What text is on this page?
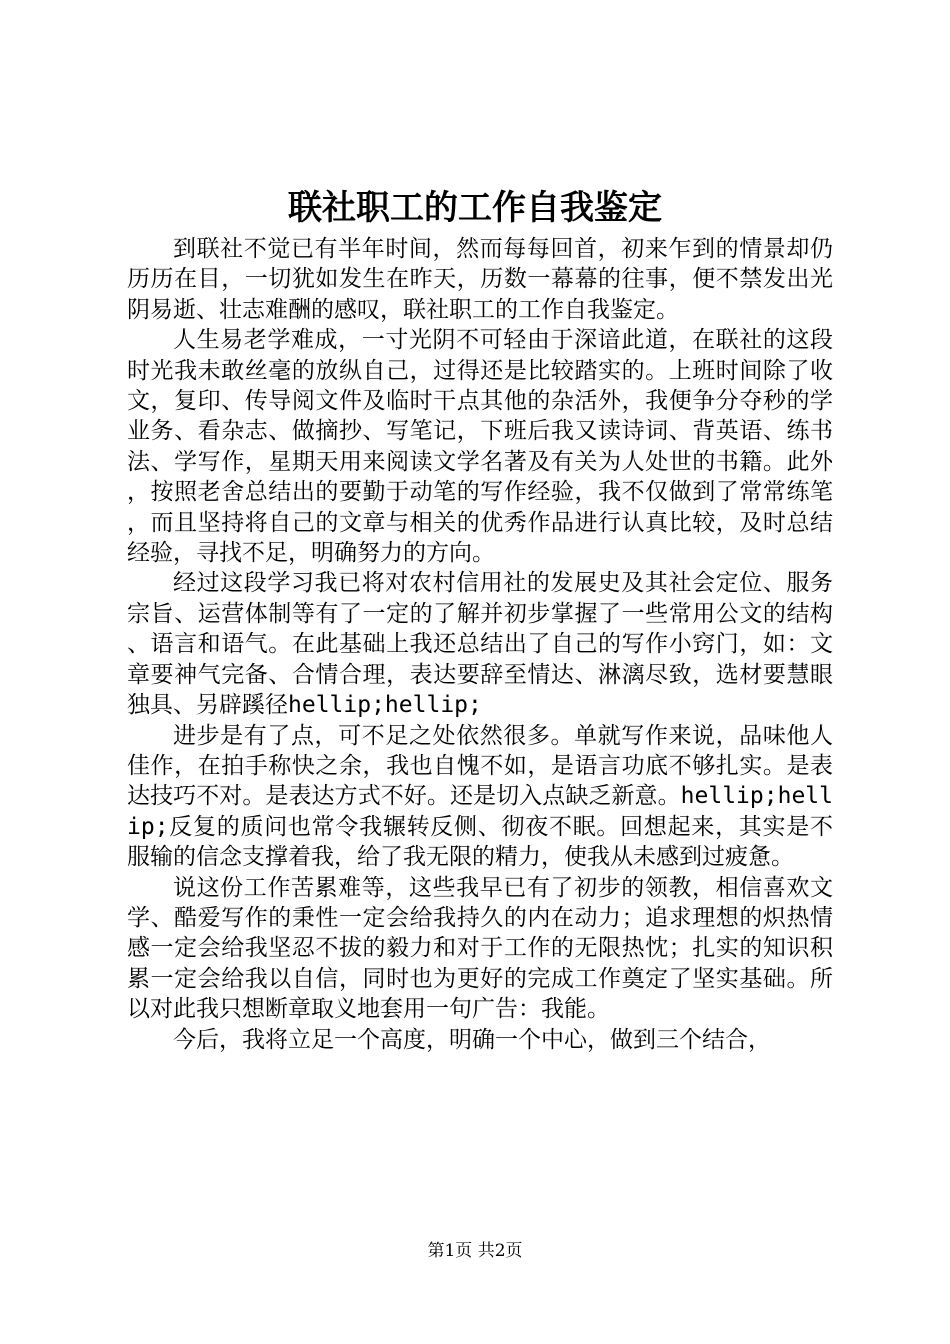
联社职工的工作自我鉴定

到联社不觉已有半年时间，然而每每回首，初来乍到的情景却仍历历在目，一切犹如发生在昨天，历数一幕幕的往事，便不禁发出光阴易逝、壮志难酬的感叹，联社职工的工作自我鉴定。

人生易老学难成，一寸光阴不可轻由于深谙此道，在联社的这段时光我未敢丝毫的放纵自己，过得还是比较踏实的。上班时间除了收文，复印、传导阅文件及临时干点其他的杂活外，我便争分夺秒的学业务、看杂志、做摘抄、写笔记，下班后我又读诗词、背英语、练书法、学写作，星期天用来阅读文学名著及有关为人处世的书籍。此外，按照老舍总结出的要勤于动笔的写作经验，我不仅做到了常常练笔，而且坚持将自己的文章与相关的优秀作品进行认真比较，及时总结经验，寻找不足，明确努力的方向。

经过这段学习我已将对农村信用社的发展史及其社会定位、服务宗旨、运营体制等有了一定的了解并初步掌握了一些常用公文的结构、语言和语气。在此基础上我还总结出了自己的写作小窍门，如：文章要神气完备、合情合理，表达要辞至情达、淋漓尽致，选材要慧眼独具、另辟蹊径hellip;hellip;

进步是有了点，可不足之处依然很多。单就写作来说，品味他人佳作，在拍手称快之余，我也自愧不如，是语言功底不够扎实。是表达技巧不对。是表达方式不好。还是切入点缺乏新意。hellip;hellip;反复的质问也常令我辗转反侧、彻夜不眠。回想起来，其实是不服输的信念支撑着我，给了我无限的精力，使我从未感到过疲惫。

说这份工作苦累难等，这些我早已有了初步的领教，相信喜欢文学、酷爱写作的秉性一定会给我持久的内在动力；追求理想的炽热情感一定会给我坚忍不拔的毅力和对于工作的无限热忱；扎实的知识积累一定会给我以自信，同时也为更好的完成工作奠定了坚实基础。所以对此我只想断章取义地套用一句广告：我能。

今后，我将立足一个高度，明确一个中心，做到三个结合，

第1页 共2页
